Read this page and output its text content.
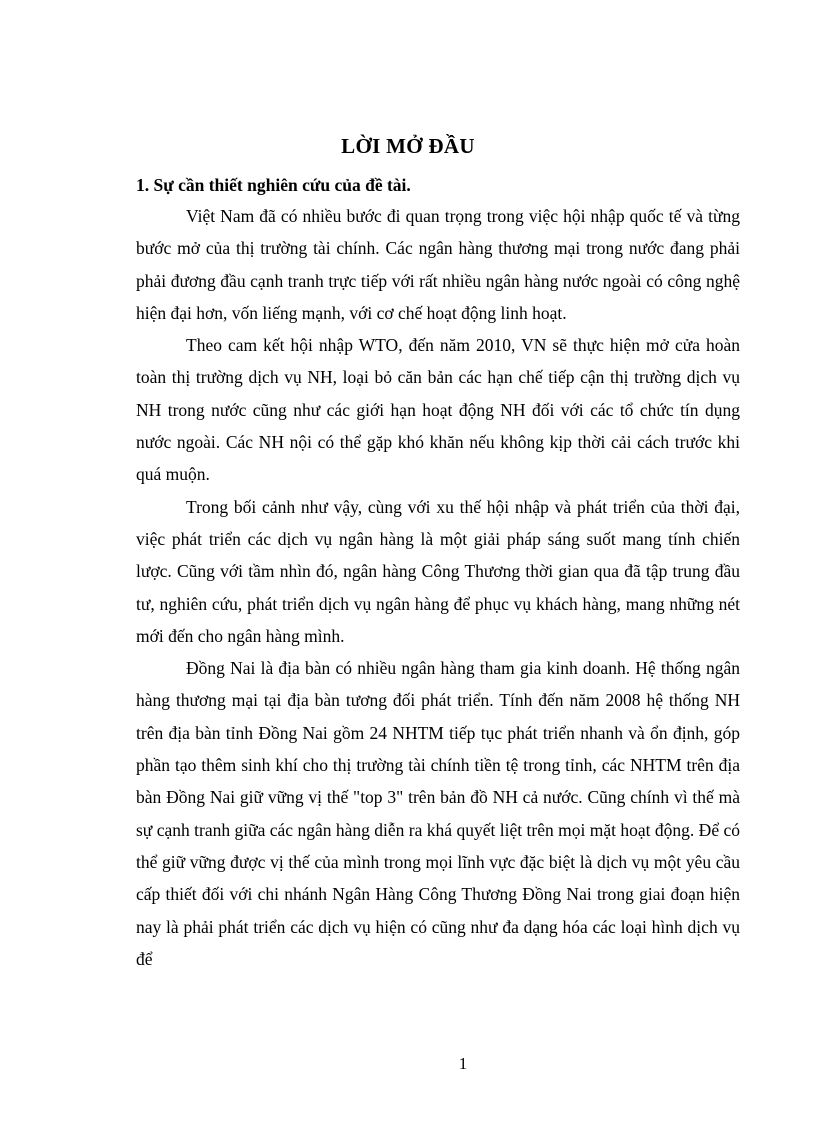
LỜI MỞ ĐẦU
1. Sự cần thiết nghiên cứu của đề tài.

Việt Nam đã có nhiều bước đi quan trọng trong việc hội nhập quốc tế và từng bước mở của thị trường tài chính. Các ngân hàng thương mại trong nước đang phải phải đương đầu cạnh tranh trực tiếp với rất nhiều ngân hàng nước ngoài có công nghệ hiện đại hơn, vốn liếng mạnh, với cơ chế hoạt động linh hoạt.

Theo cam kết hội nhập WTO, đến năm 2010, VN sẽ thực hiện mở cửa hoàn toàn thị trường dịch vụ NH, loại bỏ căn bản các hạn chế tiếp cận thị trường dịch vụ NH trong nước cũng như các giới hạn hoạt động NH đối với các tổ chức tín dụng nước ngoài. Các NH nội có thể gặp khó khăn nếu không kịp thời cải cách trước khi quá muộn.

Trong bối cảnh như vậy, cùng với xu thế hội nhập và phát triển của thời đại, việc phát triển các dịch vụ ngân hàng là một giải pháp sáng suốt mang tính chiến lược. Cũng với tầm nhìn đó, ngân hàng Công Thương thời gian qua đã tập trung đầu tư, nghiên cứu, phát triển dịch vụ ngân hàng để phục vụ khách hàng, mang những nét mới đến cho ngân hàng mình.

Đồng Nai là địa bàn có nhiều ngân hàng tham gia kinh doanh. Hệ thống ngân hàng thương mại tại địa bàn tương đối phát triển. Tính đến năm 2008 hệ thống NH trên địa bàn tỉnh Đồng Nai gồm 24 NHTM tiếp tục phát triển nhanh và ổn định, góp phần tạo thêm sinh khí cho thị trường tài chính tiền tệ trong tỉnh, các NHTM trên địa bàn Đồng Nai giữ vững vị thế "top 3" trên bản đồ NH cả nước. Cũng chính vì thế mà sự cạnh tranh giữa các ngân hàng diễn ra khá quyết liệt trên mọi mặt hoạt động. Để có thể giữ vững được vị thế của mình trong mọi lĩnh vực đặc biệt là dịch vụ một yêu cầu cấp thiết đối với chi nhánh Ngân Hàng Công Thương Đồng Nai trong giai đoạn hiện nay là phải phát triển các dịch vụ hiện có cũng như đa dạng hóa các loại hình dịch vụ để

1
